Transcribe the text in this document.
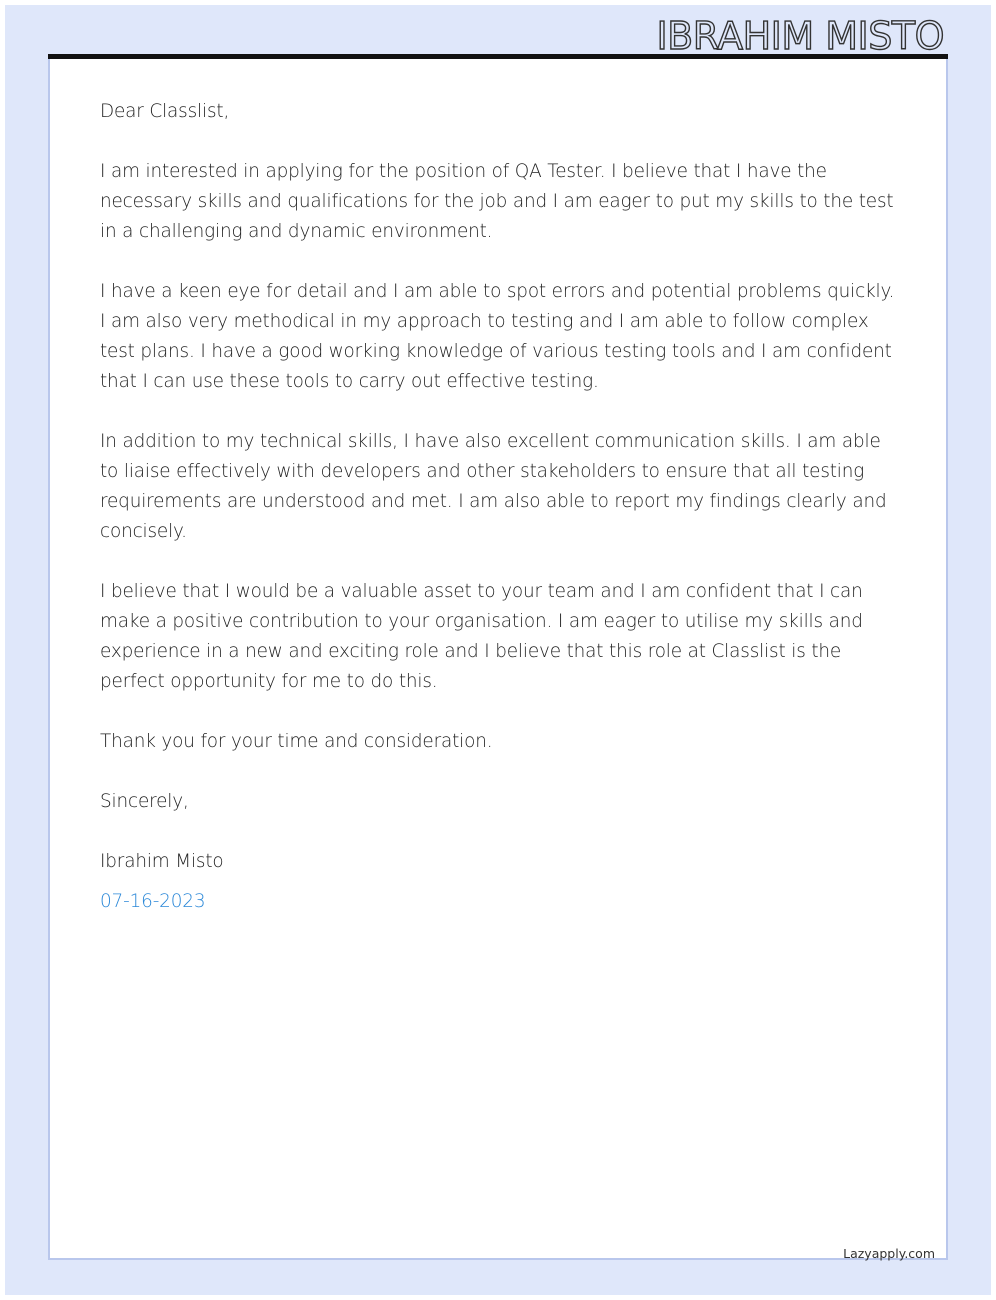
IBRAHIM MISTO

Dear Classlist,

I am interested in applying for the position of QA Tester. I believe that I have the necessary skills and qualifications for the job and I am eager to put my skills to the test in a challenging and dynamic environment.

I have a keen eye for detail and I am able to spot errors and potential problems quickly. I am also very methodical in my approach to testing and I am able to follow complex test plans. I have a good working knowledge of various testing tools and I am confident that I can use these tools to carry out effective testing.

In addition to my technical skills, I have also excellent communication skills. I am able to liaise effectively with developers and other stakeholders to ensure that all testing requirements are understood and met. I am also able to report my findings clearly and concisely.

I believe that I would be a valuable asset to your team and I am confident that I can make a positive contribution to your organisation. I am eager to utilise my skills and experience in a new and exciting role and I believe that this role at Classlist is the perfect opportunity for me to do this.

Thank you for your time and consideration.

Sincerely,

Ibrahim Misto

07-16-2023

Lazyapply.com
